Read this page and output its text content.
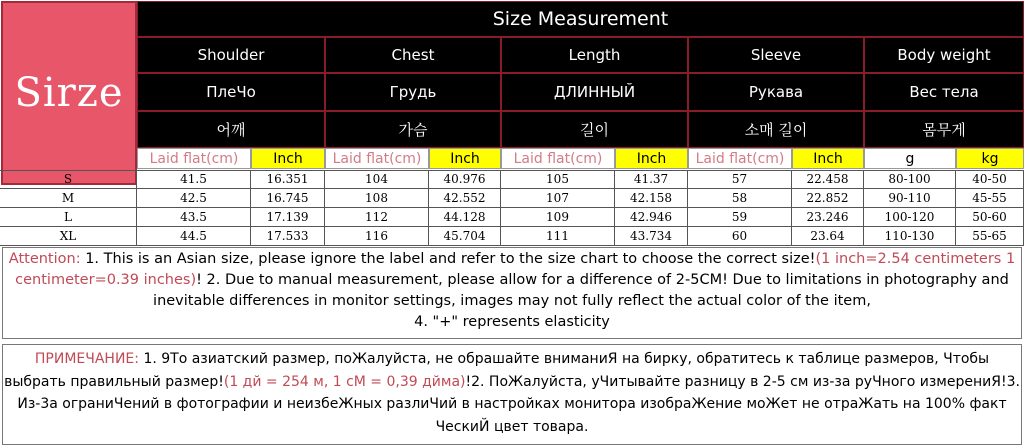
Sirze
Size Measurement
Shoulder	Chest	Length	Sleeve	Body weight
ПлеЧо	Грудь	ДЛИННЫЙ	Рукава	Вес тела
어깨	가슴	길이	소매 길이	몸무게
Laid flat(cm)	Inch	Laid flat(cm)	Inch	Laid flat(cm)	Inch	Laid flat(cm)	Inch	g	kg
S	41.5	16.351	104	40.976	105	41.37	57	22.458	80-100	40-50
M	42.5	16.745	108	42.552	107	42.158	58	22.852	90-110	45-55
L	43.5	17.139	112	44.128	109	42.946	59	23.246	100-120	50-60
XL	44.5	17.533	116	45.704	111	43.734	60	23.64	110-130	55-65
Attention: 1. This is an Asian size, please ignore the label and refer to the size chart to choose the correct size!(1 inch=2.54 centimeters 1 centimeter=0.39 inches)! 2. Due to manual measurement, please allow for a difference of 2-5CM! Due to limitations in photography and inevitable differences in monitor settings, images may not fully reflect the actual color of the item,
4. "+" represents elasticity
ПРИМЕЧАНИЕ: 1. 9То азиатский размер, поЖалуйста, не обрашайте вниманиЯ на бирку, обратитесь к таблице размеров, Чтобы выбрать правильный размер!(1 дй = 254 м, 1 сМ = 0,39 дйма)!2. ПоЖалуйста, уЧитывайте разницу в 2-5 см из-за руЧного измерениЯ!3. Из-3а ограниЧений в фотографии и неизбеЖных разлиЧий в настройках монитора изобраЖение моЖет не отраЖать на 100% факт ЧескиЙ цвет товара.
